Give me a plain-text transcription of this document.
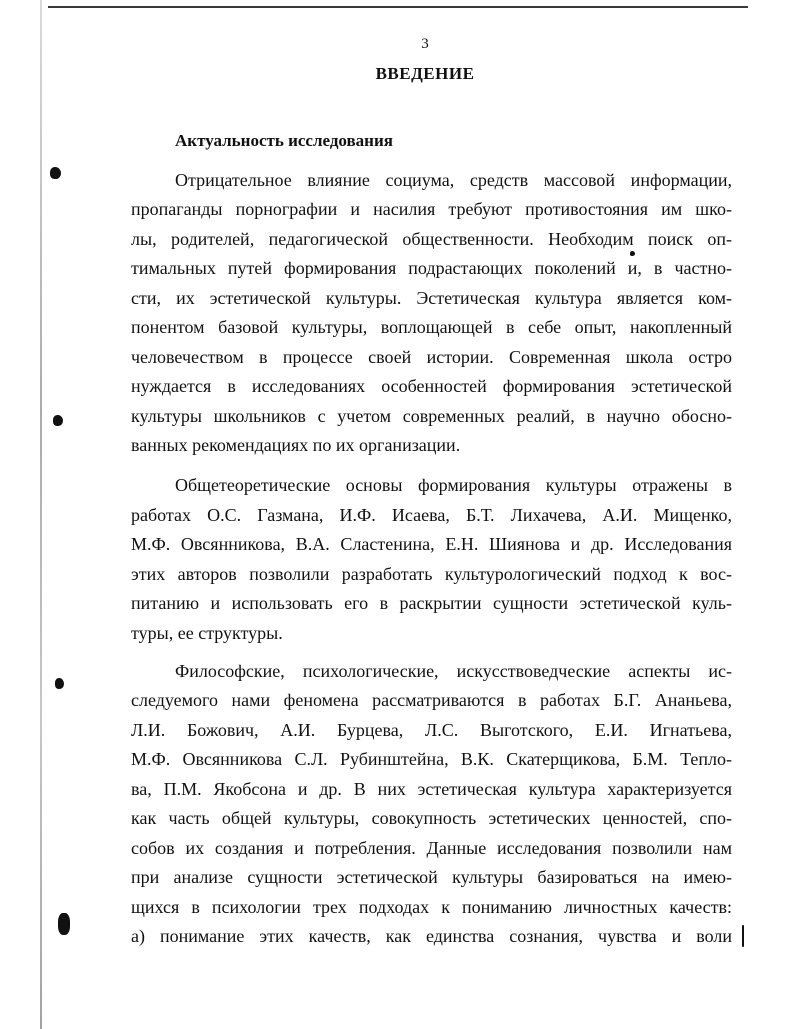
3
ВВЕДЕНИЕ
Актуальность исследования
Отрицательное влияние социума, средств массовой информации,
пропаганды порнографии и насилия требуют противостояния им шко-
лы, родителей, педагогической общественности. Необходим поиск оп-
тимальных путей формирования подрастающих поколений и, в частно-
сти, их эстетической культуры. Эстетическая культура является ком-
понентом базовой культуры, воплощающей в себе опыт, накопленный
человечеством в процессе своей истории. Современная школа остро
нуждается в исследованиях особенностей формирования эстетической
культуры школьников с учетом современных реалий, в научно обосно-
ванных рекомендациях по их организации.
Общетеоретические основы формирования культуры отражены в
работах О.С. Газмана, И.Ф. Исаева, Б.Т. Лихачева, А.И. Мищенко,
М.Ф. Овсянникова, В.А. Сластенина, Е.Н. Шиянова и др. Исследования
этих авторов позволили разработать культурологический подход к вос-
питанию и использовать его в раскрытии сущности эстетической куль-
туры, ее структуры.
Философские, психологические, искусствоведческие аспекты ис-
следуемого нами феномена рассматриваются в работах Б.Г. Ананьева,
Л.И. Божович, А.И. Бурцева, Л.С. Выготского, Е.И. Игнатьева,
М.Ф. Овсянникова С.Л. Рубинштейна, В.К. Скатерщикова, Б.М. Тепло-
ва, П.М. Якобсона и др. В них эстетическая культура характеризуется
как часть общей культуры, совокупность эстетических ценностей, спо-
собов их создания и потребления. Данные исследования позволили нам
при анализе сущности эстетической культуры базироваться на имею-
щихся в психологии трех подходах к пониманию личностных качеств:
а) понимание этих качеств, как единства сознания, чувства и воли
